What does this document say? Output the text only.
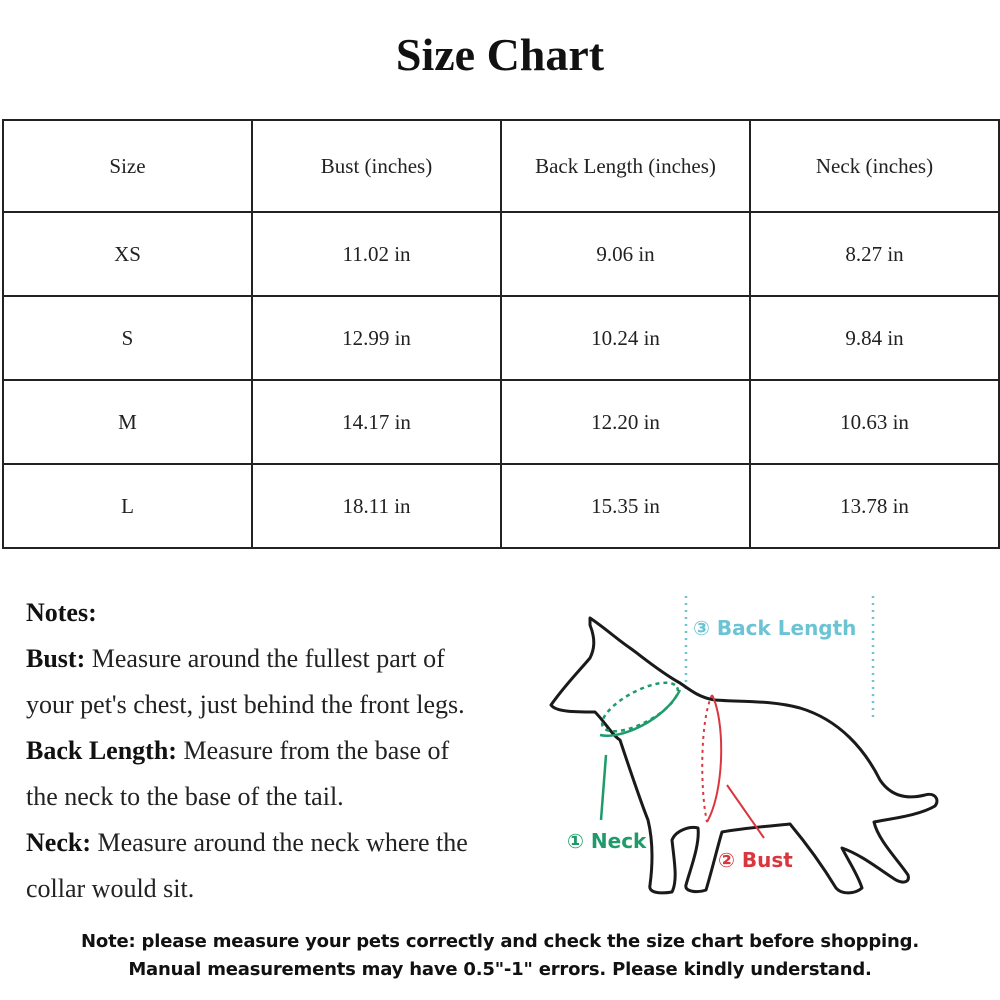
Size Chart
Size	Bust (inches)	Back Length (inches)	Neck (inches)
XS	11.02 in	9.06 in	8.27 in
S	12.99 in	10.24 in	9.84 in
M	14.17 in	12.20 in	10.63 in
L	18.11 in	15.35 in	13.78 in
Notes:
Bust: Measure around the fullest part of
your pet's chest, just behind the front legs.
Back Length: Measure from the base of
the neck to the base of the tail.
Neck: Measure around the neck where the
collar would sit.
① Neck
② Bust
③ Back Length
Note: please measure your pets correctly and check the size chart before shopping.
Manual measurements may have 0.5"-1" errors. Please kindly understand.
